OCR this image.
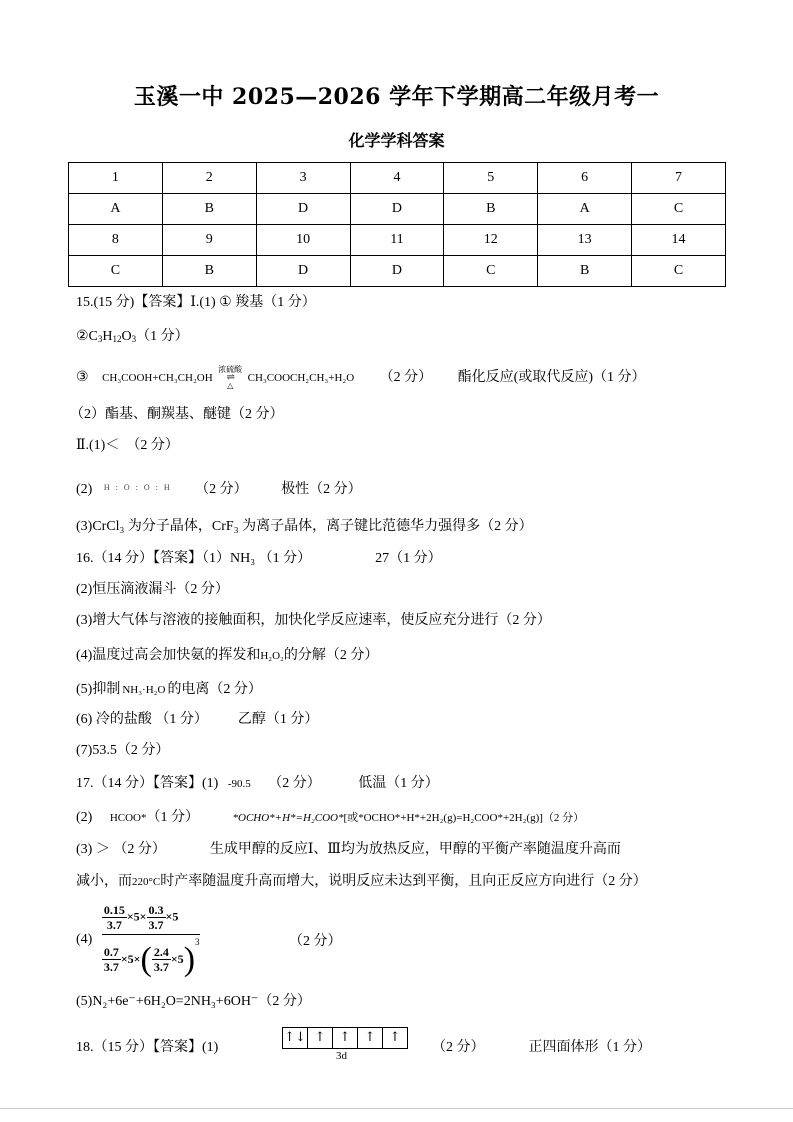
玉溪一中 2025—2026 学年下学期高二年级月考一
化学学科答案
1	2	3	4	5	6	7
A	B	D	D	B	A	C
8	9	10	11	12	13	14
C	B	D	D	C	B	C
15.(15 分)【答案】Ⅰ.(1) ① 羧基（1 分）
$②C_3H_{12}O_3(1$ 分）
③ CH₃COOH+CH₃CH₂OH
浓硫酸
⇌
△
CH₃COOCH₂CH₃+H₂O （2 分） 酯化反应(或取代反应)（1 分）
（2）酯基、酮羰基、醚键（2 分）
Ⅱ.(1)＜　（2 分）
(2) H : O : O : H （2 分） 极性（2 分）
(3)CrCl₃ 为分子晶体，CrF₃ 为离子晶体，离子键比范德华力强得多（2 分）
16.（14 分）【答案】（1）NH₃ （1 分）	27（1 分）
(2)恒压滴液漏斗（2 分）
(3)增大气体与溶液的接触面积，加快化学反应速率，使反应充分进行（2 分）
(4)温度过高会加快氨的挥发和H₂O₂的分解（2 分）
(5)抑制 NH₃·H₂O 的电离（2 分）
(6) 冷的盐酸 （1 分） 乙醇（1 分）
(7)53.5（2 分）
17.（14 分）【答案】(1) -90.5 （2 分）	低温（1 分）
(2) HCOO*（1 分）	*OCHO*+H*=H₂COO*[或*OCHO*+H*+2H₂(g)=H₂COO*+2H₂(g)]（2 分）
(3) ＞ （2 分）	生成甲醇的反应Ⅰ、Ⅲ均为放热反应，甲醇的平衡产率随温度升高而
减小，而220°C时产率随温度升高而增大，说明反应未达到平衡，且向正反应方向进行（2 分）
$(4) \frac{\frac{0.15}{3.7} \times 5\times \frac{0.3}{3.7} \times 5}{\frac{0.7}{3.7} \times 5\times( \frac{2.4}{3.7} \times 5)^3}$	（2 分）
(5)N₂+6e⁻+6H₂O=2NH₃+6OH⁻（2 分）
18.（15 分）【答案】(1)
↑↓ ↑	↑	↑	↑
3d
（2 分）	正四面体形（1 分）
